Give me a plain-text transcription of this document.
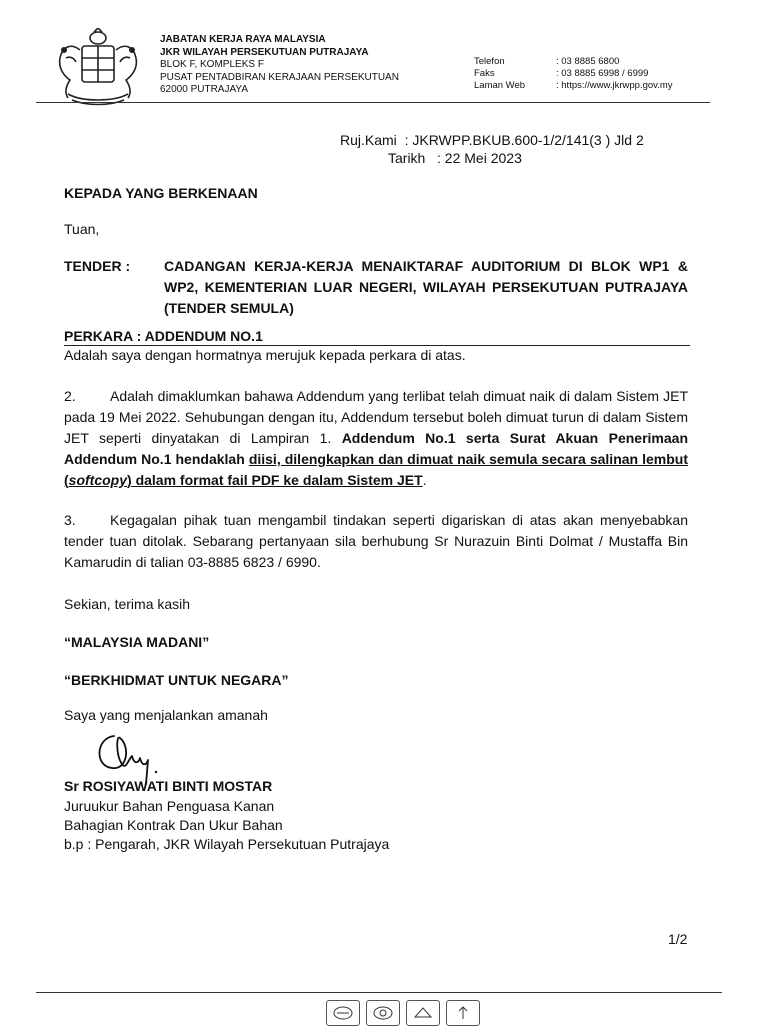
JABATAN KERJA RAYA MALAYSIA
JKR WILAYAH PERSEKUTUAN PUTRAJAYA
BLOK F, KOMPLEKS F
PUSAT PENTADBIRAN KERAJAAN PERSEKUTUAN
62000 PUTRAJAYA
Telefon	: 03 8885 6800
Faks	: 03 8885 6998 / 6999
Laman Web	: https://www.jkrwpp.gov.my
Ruj.Kami : JKRWPP.BKUB.600-1/2/141(3 ) Jld 2
Tarikh : 22 Mei 2023
KEPADA YANG BERKENAAN
Tuan,
TENDER : CADANGAN KERJA-KERJA MENAIKTARAF AUDITORIUM DI BLOK WP1 & WP2, KEMENTERIAN LUAR NEGERI, WILAYAH PERSEKUTUAN PUTRAJAYA (TENDER SEMULA)
PERKARA : ADDENDUM NO.1
Adalah saya dengan hormatnya merujuk kepada perkara di atas.
2. Adalah dimaklumkan bahawa Addendum yang terlibat telah dimuat naik di dalam Sistem JET pada 19 Mei 2022. Sehubungan dengan itu, Addendum tersebut boleh dimuat turun di dalam Sistem JET seperti dinyatakan di Lampiran 1. Addendum No.1 serta Surat Akuan Penerimaan Addendum No.1 hendaklah diisi, dilengkapkan dan dimuat naik semula secara salinan lembut (softcopy) dalam format fail PDF ke dalam Sistem JET.
3. Kegagalan pihak tuan mengambil tindakan seperti digariskan di atas akan menyebabkan tender tuan ditolak. Sebarang pertanyaan sila berhubung Sr Nurazuin Binti Dolmat / Mustaffa Bin Kamarudin di talian 03-8885 6823 / 6990.
Sekian, terima kasih
“MALAYSIA MADANI”
“BERKHIDMAT UNTUK NEGARA”
Saya yang menjalankan amanah
Sr ROSIYAWATI BINTI MOSTAR
Juruukur Bahan Penguasa Kanan
Bahagian Kontrak Dan Ukur Bahan
b.p : Pengarah, JKR Wilayah Persekutuan Putrajaya
1/2
